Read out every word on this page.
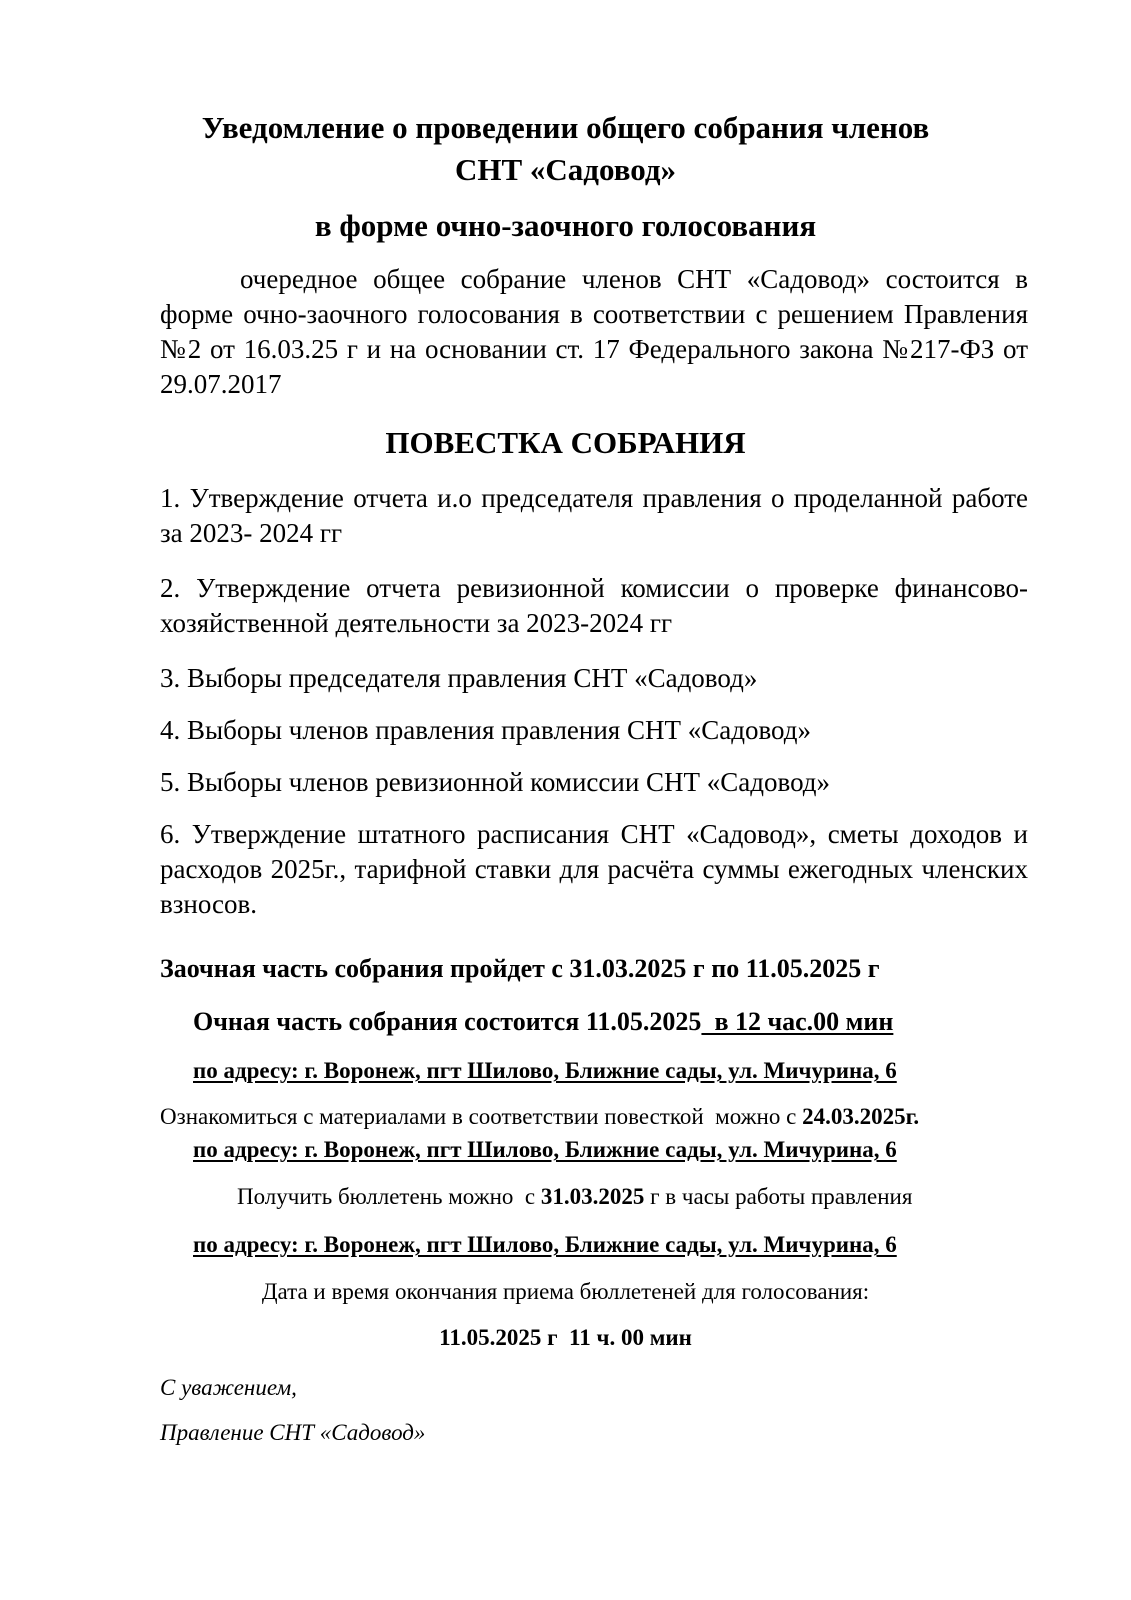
Уведомление о проведении общего собрания членов
СНТ «Садовод»
в форме очно-заочного голосования
очередное общее собрание членов СНТ «Садовод» состоится в форме очно-заочного голосования в соответствии с решением Правления №2 от 16.03.25 г и на основании ст. 17 Федерального закона №217-ФЗ от 29.07.2017
ПОВЕСТКА СОБРАНИЯ
1. Утверждение отчета и.о председателя правления о проделанной работе за 2023- 2024 гг
2. Утверждение отчета ревизионной комиссии о проверке финансово-хозяйственной деятельности за 2023-2024 гг
3. Выборы председателя правления СНТ «Садовод»
4. Выборы членов правления правления СНТ «Садовод»
5. Выборы членов ревизионной комиссии СНТ «Садовод»
6. Утверждение штатного расписания СНТ «Садовод», сметы доходов и расходов 2025г., тарифной ставки для расчёта суммы ежегодных членских взносов.
Заочная часть собрания пройдет с 31.03.2025 г по 11.05.2025 г
Очная часть собрания состоится 11.05.2025  в 12 час.00 мин
по адресу: г. Воронеж, пгт Шилово, Ближние сады, ул. Мичурина, 6
Ознакомиться с материалами в соответствии повесткой  можно с 24.03.2025г.
по адресу: г. Воронеж, пгт Шилово, Ближние сады, ул. Мичурина, 6
Получить бюллетень можно  с 31.03.2025 г в часы работы правления
по адресу: г. Воронеж, пгт Шилово, Ближние сады, ул. Мичурина, 6
Дата и время окончания приема бюллетеней для голосования:
11.05.2025 г  11 ч. 00 мин
С уважением,
Правление СНТ «Садовод»
